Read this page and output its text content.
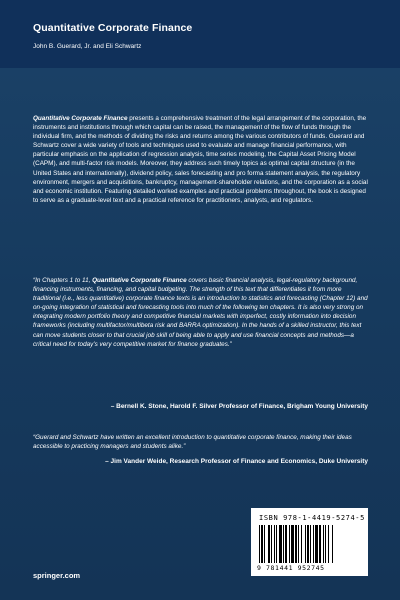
Quantitative Corporate Finance
John B. Guerard, Jr. and Eli Schwartz

Quantitative Corporate Finance presents a comprehensive treatment of the legal arrangement of the corporation, the instruments and institutions through which capital can be raised, the management of the flow of funds through the individual firm, and the methods of dividing the risks and returns among the various contributors of funds. Guerard and Schwartz cover a wide variety of tools and techniques used to evaluate and manage financial performance, with particular emphasis on the application of regression analysis, time series modeling, the Capital Asset Pricing Model (CAPM), and multi-factor risk models. Moreover, they address such timely topics as optimal capital structure (in the United States and internationally), dividend policy, sales forecasting and pro forma statement analysis, the regulatory environment, mergers and acquisitions, bankruptcy, management-shareholder relations, and the corporation as a social and economic institution. Featuring detailed worked examples and practical problems throughout, the book is designed to serve as a graduate-level text and a practical reference for practitioners, analysts, and regulators.

“In Chapters 1 to 11, Quantitative Corporate Finance covers basic financial analysis, legal-regulatory background, financing instruments, financing, and capital budgeting. The strength of this text that differentiates it from more traditional (i.e., less quantitative) corporate finance texts is an introduction to statistics and forecasting (Chapter 12) and on-going integration of statistical and forecasting tools into much of the following ten chapters. It is also very strong on integrating modern portfolio theory and competitive financial markets with imperfect, costly information into decision frameworks (including multifactor/multibeta risk and BARRA optimization). In the hands of a skilled instructor, this text can move students closer to that crucial job skill of being able to apply and use financial concepts and methods—a critical need for today’s very competitive market for finance graduates.”

– Bernell K. Stone, Harold F. Silver Professor of Finance, Brigham Young University

“Guerard and Schwartz have written an excellent introduction to quantitative corporate finance, making their ideas accessible to practicing managers and students alike.”

– Jim Vander Weide, Research Professor of Finance and Economics, Duke University
ISBN 978-1-4419-5274-5
9 781441 952745
springer.com
